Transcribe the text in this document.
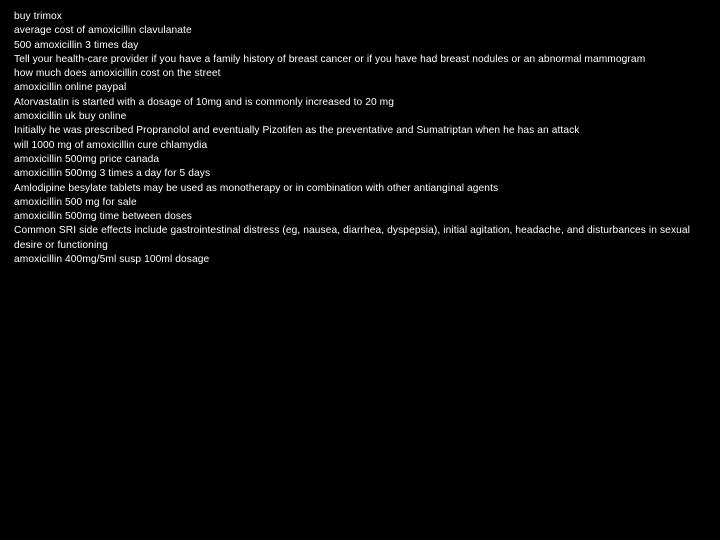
buy trimox
average cost of amoxicillin clavulanate
500 amoxicillin 3 times day
Tell your health-care provider if you have a family history of breast cancer or if you have had breast nodules or an abnormal mammogram
how much does amoxicillin cost on the street
amoxicillin online paypal
Atorvastatin is started with a dosage of 10mg and is commonly increased to 20 mg
amoxicillin uk buy online
Initially he was prescribed Propranolol and eventually Pizotifen as the preventative and Sumatriptan when he has an attack
will 1000 mg of amoxicillin cure chlamydia
amoxicillin 500mg price canada
amoxicillin 500mg 3 times a day for 5 days
Amlodipine besylate tablets may be used as monotherapy or in combination with other antianginal agents
amoxicillin 500 mg for sale
amoxicillin 500mg time between doses
Common SRI side effects include gastrointestinal distress (eg, nausea, diarrhea, dyspepsia), initial agitation, headache, and disturbances in sexual desire or functioning
amoxicillin 400mg/5ml susp 100ml dosage
